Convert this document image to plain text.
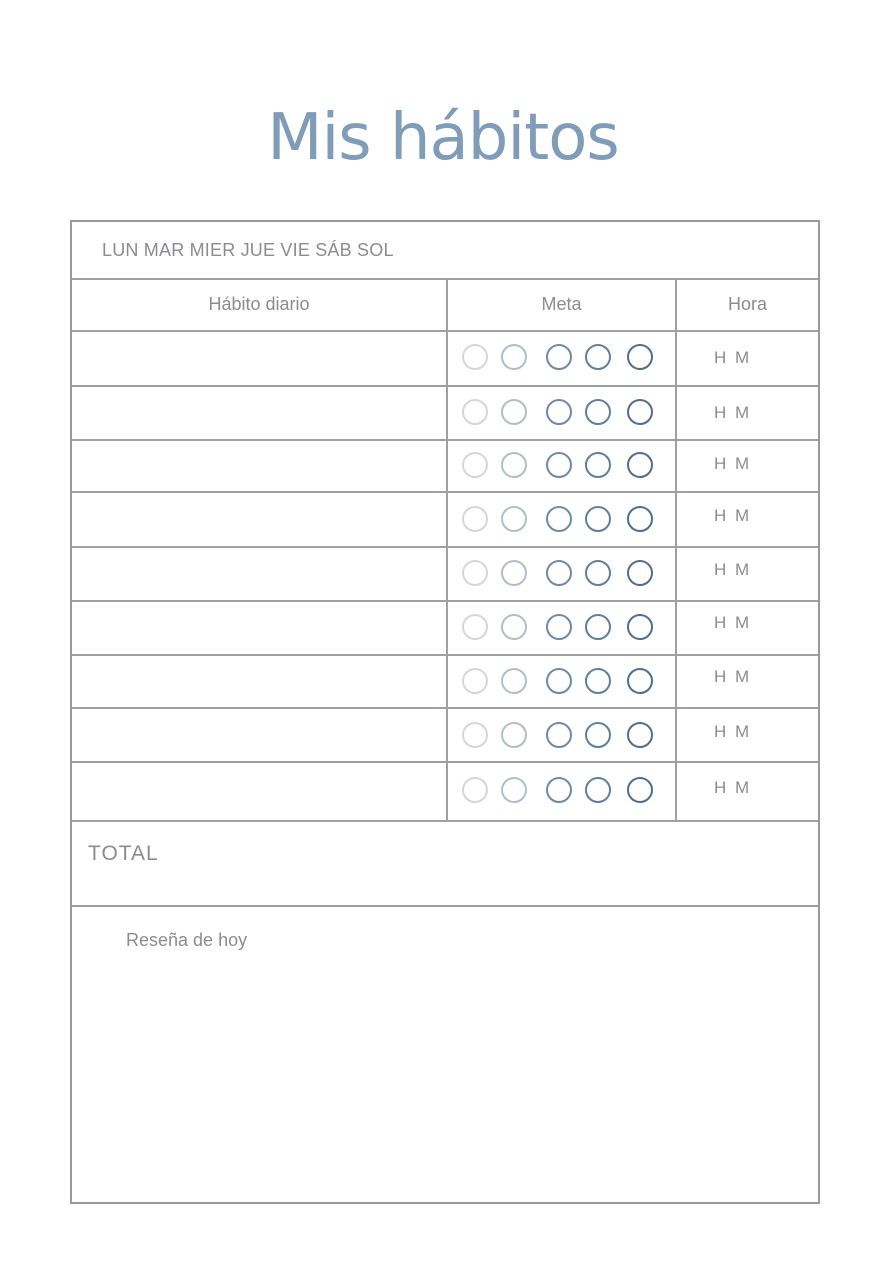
Mis hábitos
LUN MAR MIER JUE VIE SÁB SOL
Hábito diario	Meta	Hora
H M
H M
H M
H M
H M
H M
H M
H M
H M
TOTAL
Reseña de hoy
